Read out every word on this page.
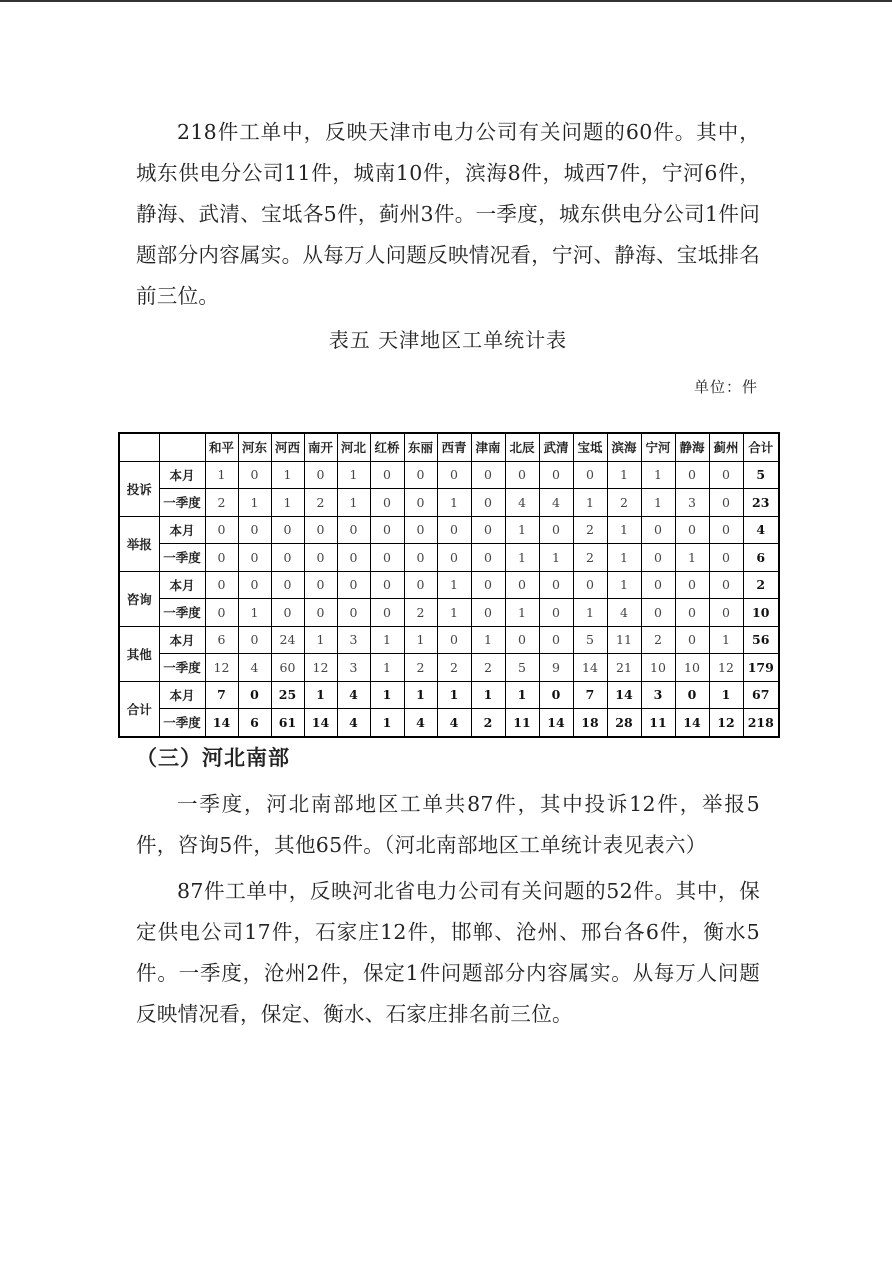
218件工单中，反映天津市电力公司有关问题的60件。其中，城东供电分公司11件，城南10件，滨海8件，城西7件，宁河6件，静海、武清、宝坻各5件，蓟州3件。一季度，城东供电分公司1件问题部分内容属实。从每万人问题反映情况看，宁河、静海、宝坻排名前三位。

表五 天津地区工单统计表
单位：件
		和平	河东	河西	南开	河北	红桥	东丽	西青	津南	北辰	武清	宝坻	滨海	宁河	静海	蓟州	合计
投诉	本月	1	0	1	0	1	0	0	0	0	0	0	0	1	1	0	0	5
	一季度	2	1	1	2	1	0	0	1	0	4	4	1	2	1	3	0	23
举报	本月	0	0	0	0	0	0	0	0	0	1	0	2	1	0	0	0	4
	一季度	0	0	0	0	0	0	0	0	0	1	1	2	1	0	1	0	6
咨询	本月	0	0	0	0	0	0	0	1	0	0	0	0	1	0	0	0	2
	一季度	0	1	0	0	0	0	2	1	0	1	0	1	4	0	0	0	10
其他	本月	6	0	24	1	3	1	1	0	1	0	0	5	11	2	0	1	56
	一季度	12	4	60	12	3	1	2	2	2	5	9	14	21	10	10	12	179
合计	本月	7	0	25	1	4	1	1	1	1	1	0	7	14	3	0	1	67
	一季度	14	6	61	14	4	1	4	4	2	11	14	18	28	11	14	12	218
（三）河北南部

一季度，河北南部地区工单共87件，其中投诉12件，举报5件，咨询5件，其他65件。（河北南部地区工单统计表见表六）

87件工单中，反映河北省电力公司有关问题的52件。其中，保定供电公司17件，石家庄12件，邯郸、沧州、邢台各6件，衡水5件。一季度，沧州2件，保定1件问题部分内容属实。从每万人问题反映情况看，保定、衡水、石家庄排名前三位。
